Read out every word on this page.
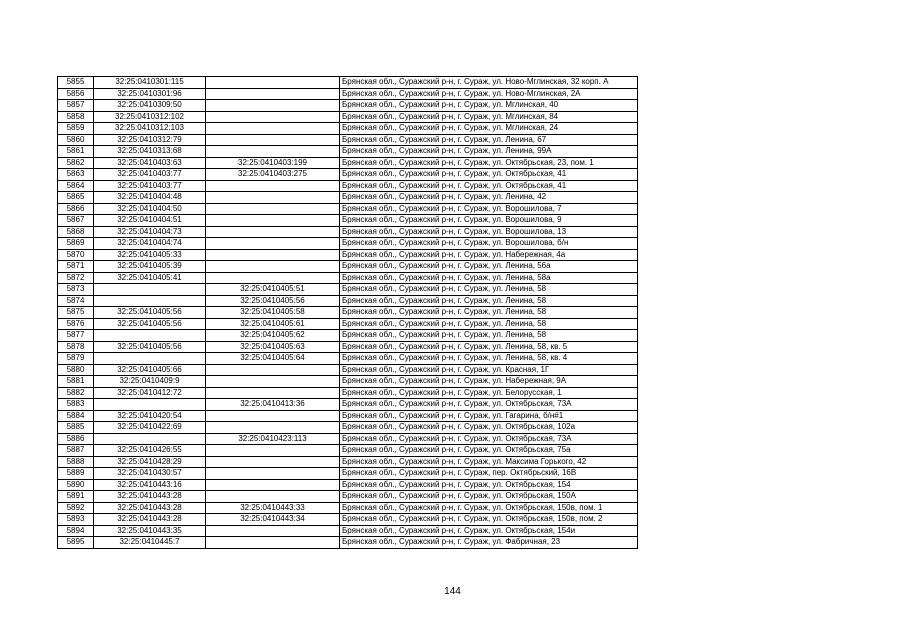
5855	32:25:0410301:115		Брянская обл., Суражский р-н, г. Сураж, ул. Ново-Мглинская, 32 корп. А
5856	32:25:0410301:96		Брянская обл., Суражский р-н, г. Сураж, ул. Ново-Мглинская, 2А
5857	32:25:0410309:50		Брянская обл., Суражский р-н, г. Сураж, ул. Мглинская, 40
5858	32:25:0410312:102		Брянская обл., Суражский р-н, г. Сураж, ул. Мглинская, 84
5859	32:25:0410312:103		Брянская обл., Суражский р-н, г. Сураж, ул. Мглинская, 24
5860	32:25:0410312:79		Брянская обл., Суражский р-н, г. Сураж, ул. Ленина, 67
5861	32:25:0410313:68		Брянская обл., Суражский р-н, г. Сураж, ул. Ленина, 99А
5862	32:25:0410403:63	32:25:0410403:199	Брянская обл., Суражский р-н, г. Сураж, ул. Октябрьская, 23, пом. 1
5863	32:25:0410403:77	32:25:0410403:275	Брянская обл., Суражский р-н, г. Сураж, ул. Октябрьская, 41
5864	32:25:0410403:77		Брянская обл., Суражский р-н, г. Сураж, ул. Октябрьская, 41
5865	32:25:0410404:48		Брянская обл., Суражский р-н, г. Сураж, ул. Ленина, 42
5866	32:25:0410404:50		Брянская обл., Суражский р-н, г. Сураж, ул. Ворошилова, 7
5867	32:25:0410404:51		Брянская обл., Суражский р-н, г. Сураж, ул. Ворошилова, 9
5868	32:25:0410404:73		Брянская обл., Суражский р-н, г. Сураж, ул. Ворошилова, 13
5869	32:25:0410404:74		Брянская обл., Суражский р-н, г. Сураж, ул. Ворошилова, б/н
5870	32:25:0410405:33		Брянская обл., Суражский р-н, г. Сураж, ул. Набережная, 4а
5871	32:25:0410405:39		Брянская обл., Суражский р-н, г. Сураж, ул. Ленина, 56а
5872	32:25:0410405:41		Брянская обл., Суражский р-н, г. Сураж, ул. Ленина, 58а
5873		32:25:0410405:51	Брянская обл., Суражский р-н, г. Сураж, ул. Ленина, 58
5874		32:25:0410405:56	Брянская обл., Суражский р-н, г. Сураж, ул. Ленина, 58
5875	32:25:0410405:56	32:25:0410405:58	Брянская обл., Суражский р-н, г. Сураж, ул. Ленина, 58
5876	32:25:0410405:56	32:25:0410405:61	Брянская обл., Суражский р-н, г. Сураж, ул. Ленина, 58
5877		32:25:0410405:62	Брянская обл., Суражский р-н, г. Сураж, ул. Ленина, 58
5878	32:25:0410405:56	32:25:0410405:63	Брянская обл., Суражский р-н, г. Сураж, ул. Ленина, 58, кв. 5
5879		32:25:0410405:64	Брянская обл., Суражский р-н, г. Сураж, ул. Ленина, 58, кв. 4
5880	32:25:0410405:66		Брянская обл., Суражский р-н, г. Сураж, ул. Красная, 1Г
5881	32:25:0410409:9		Брянская обл., Суражский р-н, г. Сураж, ул. Набережная, 9А
5882	32:25:0410412:72		Брянская обл., Суражский р-н, г. Сураж, ул. Белорусская, 1
5883		32:25:0410413:36	Брянская обл., Суражский р-н, г. Сураж, ул. Октябрьская, 73А
5884	32:25:0410420:54		Брянская обл., Суражский р-н, г. Сураж, ул. Гагарина, б/н#1
5885	32:25:0410422:69		Брянская обл., Суражский р-н, г. Сураж, ул. Октябрьская, 102а
5886		32:25:0410423:113	Брянская обл., Суражский р-н, г. Сураж, ул. Октябрьская, 73А
5887	32:25:0410426:55		Брянская обл., Суражский р-н, г. Сураж, ул. Октябрьская, 75а
5888	32:25:0410428:29		Брянская обл., Суражский р-н, г. Сураж, ул. Максима Горького, 42
5889	32:25:0410430:57		Брянская обл., Суражский р-н, г. Сураж, пер. Октябрьский, 16В
5890	32:25:0410443:16		Брянская обл., Суражский р-н, г. Сураж, ул. Октябрьская, 154
5891	32:25:0410443:28		Брянская обл., Суражский р-н, г. Сураж, ул. Октябрьская, 150А
5892	32:25:0410443:28	32:25:0410443:33	Брянская обл., Суражский р-н, г. Сураж, ул. Октябрьская, 150в, пом. 1
5893	32:25:0410443:28	32:25:0410443:34	Брянская обл., Суражский р-н, г. Сураж, ул. Октябрьская, 150в, пом. 2
5894	32:25:0410443:35		Брянская обл., Суражский р-н, г. Сураж, ул. Октябрьская, 154и
5895	32:25:0410445:7		Брянская обл., Суражский р-н, г. Сураж, ул. Фабричная, 23
144
